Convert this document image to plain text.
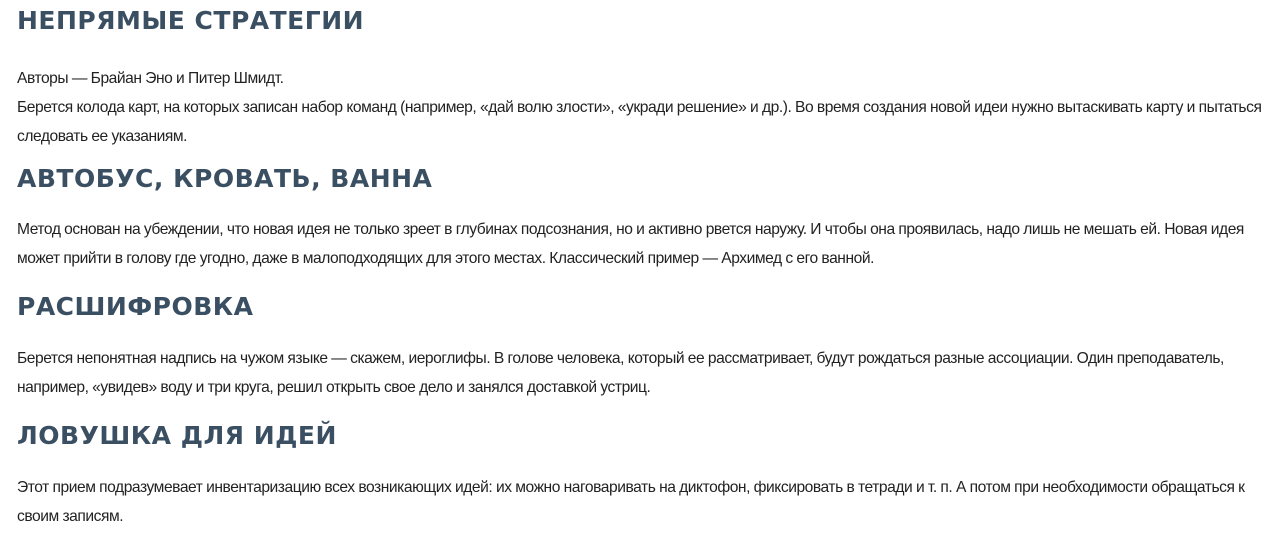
НЕПРЯМЫЕ СТРАТЕГИИ
Авторы — Брайан Эно и Питер Шмидт.
Берется колода карт, на которых записан набор команд (например, «дай волю злости», «укради решение» и др.). Во время создания новой идеи нужно вытаскивать карту и пытаться следовать ее указаниям.
АВТОБУС, КРОВАТЬ, ВАННА
Метод основан на убеждении, что новая идея не только зреет в глубинах подсознания, но и активно рвется наружу. И чтобы она проявилась, надо лишь не мешать ей. Новая идея может прийти в голову где угодно, даже в малоподходящих для этого местах. Классический пример — Архимед с его ванной.
РАСШИФРОВКА
Берется непонятная надпись на чужом языке — скажем, иероглифы. В голове человека, который ее рассматривает, будут рождаться разные ассоциации. Один преподаватель, например, «увидев» воду и три круга, решил открыть свое дело и занялся доставкой устриц.
ЛОВУШКА ДЛЯ ИДЕЙ
Этот прием подразумевает инвентаризацию всех возникающих идей: их можно наговаривать на диктофон, фиксировать в тетради и т. п. А потом при необходимости обращаться к своим записям.
